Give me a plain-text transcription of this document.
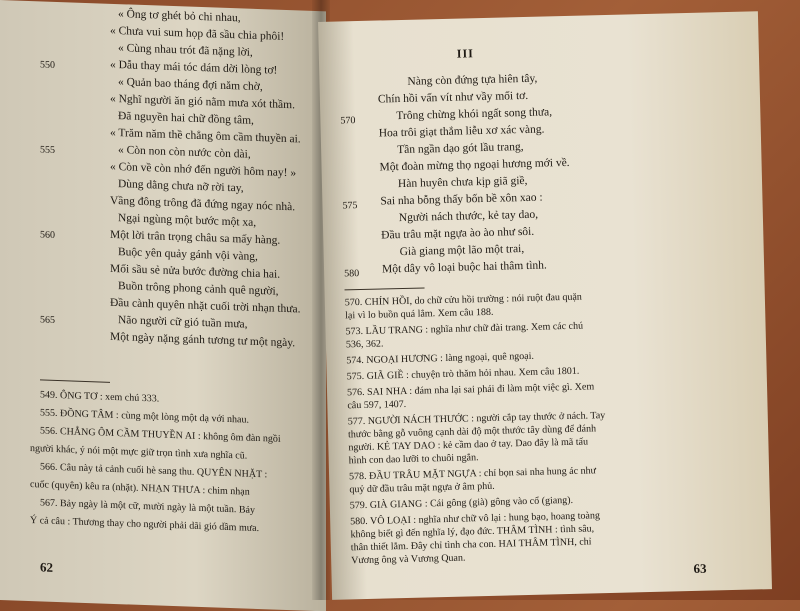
« Ông tơ ghét bỏ chi nhau,
« Chưa vui sum họp đã sầu chia phôi!
« Cùng nhau trót đã nặng lời,
« Dẫu thay mái tóc dám dời lòng tơ!
« Quản bao tháng đợi năm chờ,
« Nghĩ người ăn gió nằm mưa xót thầm.
Đã nguyền hai chữ đồng tâm,
« Trăm năm thề chẳng ôm cầm thuyền ai.
« Còn non còn nước còn dài,
« Còn về còn nhớ đến người hôm nay! »
Dùng dằng chưa nỡ rời tay,
Vầng đông trông đã đứng ngay nóc nhà.
Ngại ngùng một bước một xa,
Một lời trân trọng châu sa mấy hàng.
Buộc yên quảy gánh vội vàng,
Mối sầu sẻ nửa bước đường chia hai.
Buồn trông phong cảnh quê người,
Đầu cành quyên nhặt cuối trời nhạn thưa.
Não người cữ gió tuần mưa,
Một ngày nặng gánh tương tư một ngày.
550
555
560
565
549. ÔNG TƠ : xem chú 333.
555. ĐỒNG TÂM : cùng một lòng một dạ với nhau.
556. CHẲNG ÔM CẦM THUYỀN AI : không ôm đàn ngồi
người khác, ý nói một mực giữ trọn tình xưa nghĩa cũ.
566. Câu này tả cảnh cuối hè sang thu. QUYÊN NHẶT :
cuốc (quyên) kêu ra (nhặt). NHẠN THƯA : chim nhạn
567. Bảy ngày là một cữ, mười ngày là một tuần. Bảy
Ý cả câu : Thương thay cho người phải dãi gió dầm mưa.
62
III
Nàng còn đứng tựa hiên tây,
Chín hồi vấn vít như vầy mối tơ.
Trông chừng khói ngất song thưa,
Hoa trôi giạt thắm liễu xơ xác vàng.
Tần ngần dạo gót lầu trang,
Một đoàn mừng thọ ngoại hương mới về.
Hàn huyên chưa kịp giã giề,
Sai nha bỗng thấy bốn bề xôn xao :
Người nách thước, kẻ tay dao,
Đầu trâu mặt ngựa ào ào như sôi.
Già giang một lão một trai,
Một dây vô loại buộc hai thâm tình.
570
575
580
570. CHÍN HỒI, do chữ cửu hồi trường : nói ruột đau quặn
lại vì lo buồn quá lắm. Xem câu 188.
573. LẦU TRANG : nghĩa như chữ đài trang. Xem các chú
536, 362.
574. NGOẠI HƯƠNG : làng ngoại, quê ngoại.
575. GIÃ GIỀ : chuyện trò thăm hỏi nhau. Xem câu 1801.
576. SAI NHA : đám nha lại sai phái đi làm một việc gì. Xem
câu 597, 1407.
577. NGƯỜI NÁCH THƯỚC : người cắp tay thước ở nách. Tay
thước bằng gỗ vuông cạnh dài độ một thước tây dùng để đánh
người. KẺ TAY DAO : kẻ cầm dao ở tay. Dao đây là mã tấu
hình con dao lưỡi to chuôi ngắn.
578. ĐẦU TRÂU MẶT NGỰA : chỉ bọn sai nha hung ác như
quỷ dữ đầu trâu mặt ngựa ở âm phủ.
579. GIÀ GIANG : Cái gông (già) gông vào cổ (giang).
580. VÔ LOẠI : nghĩa như chữ vô lại : hung bạo, hoang toàng
không biết gì đến nghĩa lý, đạo đức. THÂM TÌNH : tình sâu,
thân thiết lắm. Đây chỉ tình cha con. HAI THÂM TÌNH, chỉ
Vương ông và Vương Quan.
63
